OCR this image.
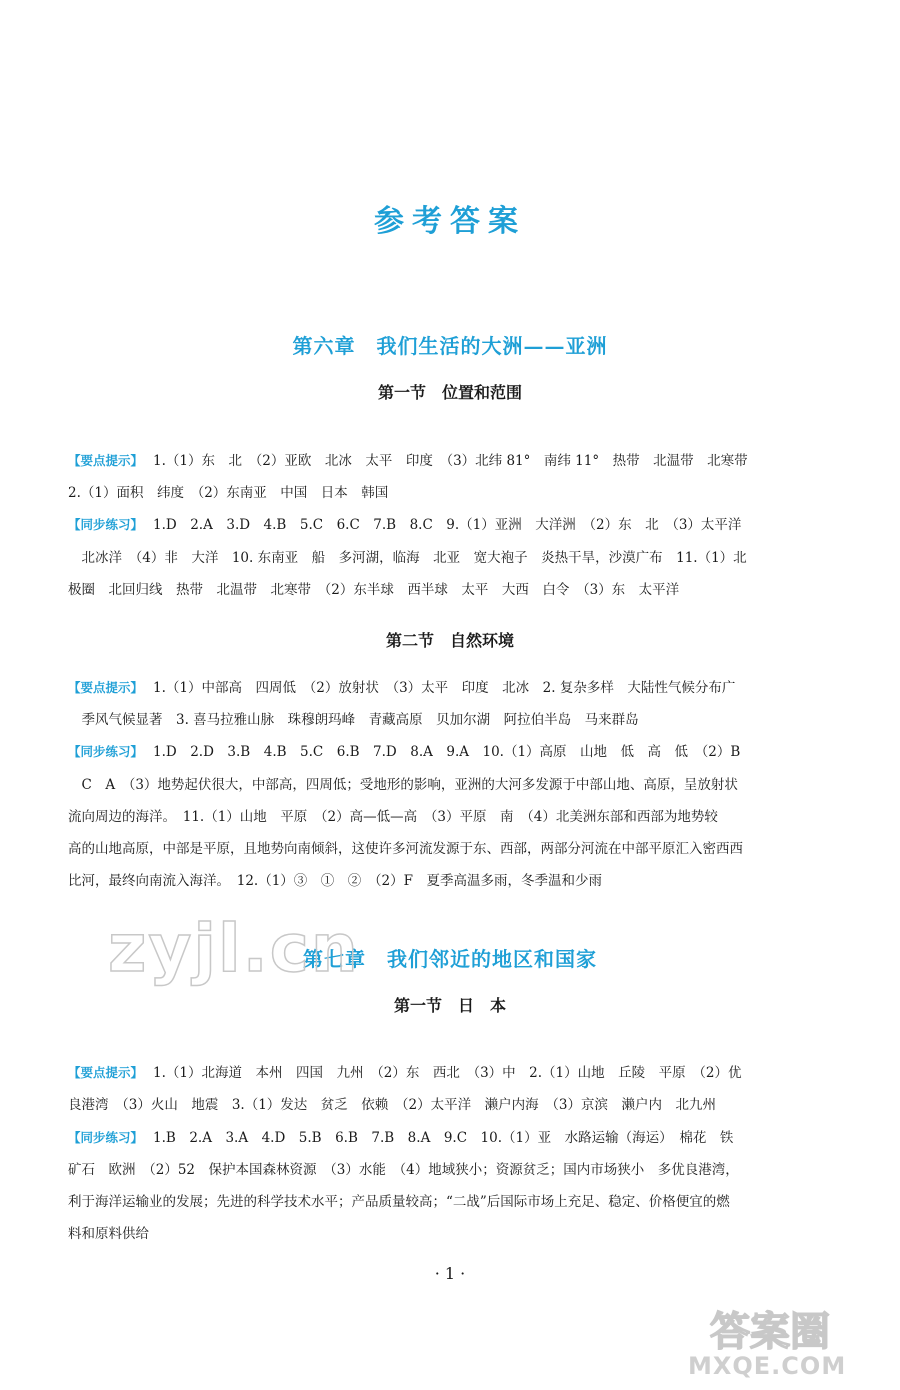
参考答案
第六章　我们生活的大洲——亚洲
第一节　位置和范围
【要点提示】 1.（1）东　北　（2）亚欧　北冰　太平　印度　（3）北纬 81°　南纬 11°　热带　北温带　北寒带
2.（1）面积　纬度　（2）东南亚　中国　日本　韩国
【同步练习】 1.D　2.A　3.D　4.B　5.C　6.C　7.B　8.C　9.（1）亚洲　大洋洲　（2）东　北　（3）太平洋
　北冰洋　（4）非　大洋　10. 东南亚　船　多河湖，临海　北亚　宽大袍子　炎热干旱，沙漠广布　11.（1）北
极圈　北回归线　热带　北温带　北寒带　（2）东半球　西半球　太平　大西　白令　（3）东　太平洋
第二节　自然环境
【要点提示】 1.（1）中部高　四周低　（2）放射状　（3）太平　印度　北冰　2. 复杂多样　大陆性气候分布广
　季风气候显著　3. 喜马拉雅山脉　珠穆朗玛峰　青藏高原　贝加尔湖　阿拉伯半岛　马来群岛
【同步练习】 1.D　2.D　3.B　4.B　5.C　6.B　7.D　8.A　9.A　10.（1）高原　山地　低　高　低　（2）B
　C　A　（3）地势起伏很大，中部高，四周低；受地形的影响，亚洲的大河多发源于中部山地、高原，呈放射状
流向周边的海洋。　11.（1）山地　平原　（2）高—低—高　（3）平原　南　（4）北美洲东部和西部为地势较
高的山地高原，中部是平原，且地势向南倾斜，这使许多河流发源于东、西部，两部分河流在中部平原汇入密西西
比河，最终向南流入海洋。　12.（1）③　①　②　（2）F　夏季高温多雨，冬季温和少雨
第七章　我们邻近的地区和国家
第一节　日　本
【要点提示】 1.（1）北海道　本州　四国　九州　（2）东　西北　（3）中　2.（1）山地　丘陵　平原　（2）优
良港湾　（3）火山　地震　3.（1）发达　贫乏　依赖　（2）太平洋　濑户内海　（3）京滨　濑户内　北九州
【同步练习】 1.B　2.A　3.A　4.D　5.B　6.B　7.B　8.A　9.C　10.（1）亚　水路运输（海运）　棉花　铁
矿石　欧洲　（2）52　保护本国森林资源　（3）水能　（4）地域狭小；资源贫乏；国内市场狭小　多优良港湾，
利于海洋运输业的发展；先进的科学技术水平；产品质量较高；“二战”后国际市场上充足、稳定、价格便宜的燃
料和原料供给
· 1 ·
zyjl.cn
答案圈
MXQE.COM
